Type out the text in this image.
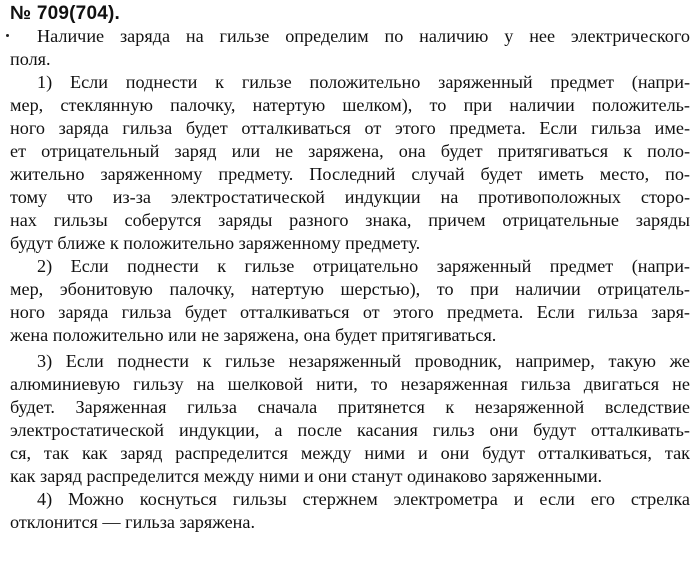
№ 709(704).
Наличие заряда на гильзе определим по наличию у нее электрического
поля.
1) Если поднести к гильзе положительно заряженный предмет (напри-
мер, стеклянную палочку, натертую шелком), то при наличии положитель-
ного заряда гильза будет отталкиваться от этого предмета. Если гильза име-
ет отрицательный заряд или не заряжена, она будет притягиваться к поло-
жительно заряженному предмету. Последний случай будет иметь место, по-
тому что из-за электростатической индукции на противоположных сторо-
нах гильзы соберутся заряды разного знака, причем отрицательные заряды
будут ближе к положительно заряженному предмету.
2) Если поднести к гильзе отрицательно заряженный предмет (напри-
мер, эбонитовую палочку, натертую шерстью), то при наличии отрицатель-
ного заряда гильза будет отталкиваться от этого предмета. Если гильза заря-
жена положительно или не заряжена, она будет притягиваться.
3) Если поднести к гильзе незаряженный проводник, например, такую же
алюминиевую гильзу на шелковой нити, то незаряженная гильза двигаться не
будет. Заряженная гильза сначала притянется к незаряженной вследствие
электростатической индукции, а после касания гильз они будут отталкивать-
ся, так как заряд распределится между ними и они будут отталкиваться, так
как заряд распределится между ними и они станут одинаково заряженными.
4) Можно коснуться гильзы стержнем электрометра и если его стрелка
отклонится — гильза заряжена.
